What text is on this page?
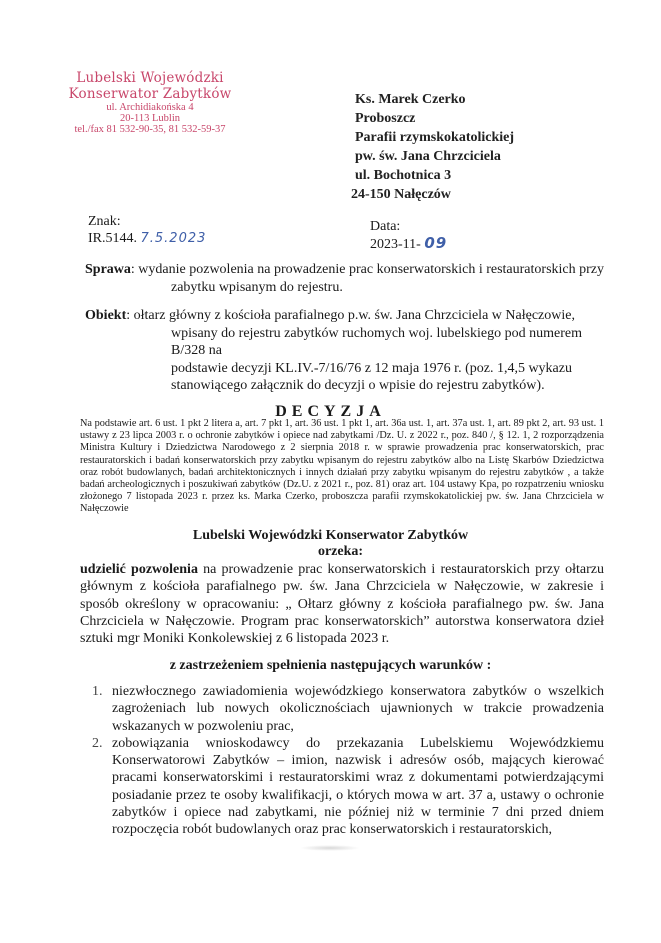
Lubelski Wojewódzki
Konserwator Zabytków
ul. Archidiakońska 4
20-113 Lublin
tel./fax 81 532-90-35, 81 532-59-37
Ks. Marek Czerko
Proboszcz
Parafii rzymskokatolickiej
pw. św. Jana Chrzciciela
ul. Bochotnica 3
24-150 Nałęczów
Znak:
IR.5144. 7.5.2023
Data:
2023-11- 09
Sprawa: wydanie pozwolenia na prowadzenie prac konserwatorskich i restauratorskich przy
zabytku wpisanym do rejestru.
Obiekt: ołtarz główny z kościoła parafialnego p.w. św. Jana Chrzciciela w Nałęczowie,
wpisany do rejestru zabytków ruchomych woj. lubelskiego pod numerem B/328 na
podstawie decyzji KL.IV.-7/16/76 z 12 maja 1976 r. (poz. 1,4,5 wykazu
stanowiącego załącznik do decyzji o wpisie do rejestru zabytków).
DECYZJA
Na podstawie art. 6 ust. 1 pkt 2 litera a, art. 7 pkt 1, art. 36 ust. 1 pkt 1, art. 36a ust. 1, art. 37a ust. 1, art. 89 pkt 2, art. 93 ust. 1 ustawy z 23 lipca 2003 r. o ochronie zabytków i opiece nad zabytkami /Dz. U. z 2022 r., poz. 840 /, § 12. 1, 2 rozporządzenia Ministra Kultury i Dziedzictwa Narodowego z 2 sierpnia 2018 r. w sprawie prowadzenia prac konserwatorskich, prac restauratorskich i badań konserwatorskich przy zabytku wpisanym do rejestru zabytków albo na Listę Skarbów Dziedzictwa oraz robót budowlanych, badań architektonicznych i innych działań przy zabytku wpisanym do rejestru zabytków , a także badań archeologicznych i poszukiwań zabytków (Dz.U. z 2021 r., poz. 81) oraz art. 104 ustawy Kpa, po rozpatrzeniu wniosku złożonego 7 listopada 2023 r. przez ks. Marka Czerko, proboszcza parafii rzymskokatolickiej pw. św. Jana Chrzciciela w Nałęczowie
Lubelski Wojewódzki Konserwator Zabytków
orzeka:
udzielić pozwolenia na prowadzenie prac konserwatorskich i restauratorskich przy ołtarzu głównym z kościoła parafialnego pw. św. Jana Chrzciciela w Nałęczowie, w zakresie i sposób określony w opracowaniu: „ Ołtarz główny z kościoła parafialnego pw. św. Jana Chrzciciela w Nałęczowie. Program prac konserwatorskich” autorstwa konserwatora dzieł sztuki mgr Moniki Konkolewskiej z 6 listopada 2023 r.
z zastrzeżeniem spełnienia następujących warunków :
1. niezwłocznego zawiadomienia wojewódzkiego konserwatora zabytków o wszelkich zagrożeniach lub nowych okolicznościach ujawnionych w trakcie prowadzenia wskazanych w pozwoleniu prac,
2. zobowiązania wnioskodawcy do przekazania Lubelskiemu Wojewódzkiemu Konserwatorowi Zabytków – imion, nazwisk i adresów osób, mających kierować pracami konserwatorskimi i restauratorskimi wraz z dokumentami potwierdzającymi posiadanie przez te osoby kwalifikacji, o których mowa w art. 37 a, ustawy o ochronie zabytków i opiece nad zabytkami, nie później niż w terminie 7 dni przed dniem rozpoczęcia robót budowlanych oraz prac konserwatorskich i restauratorskich,
